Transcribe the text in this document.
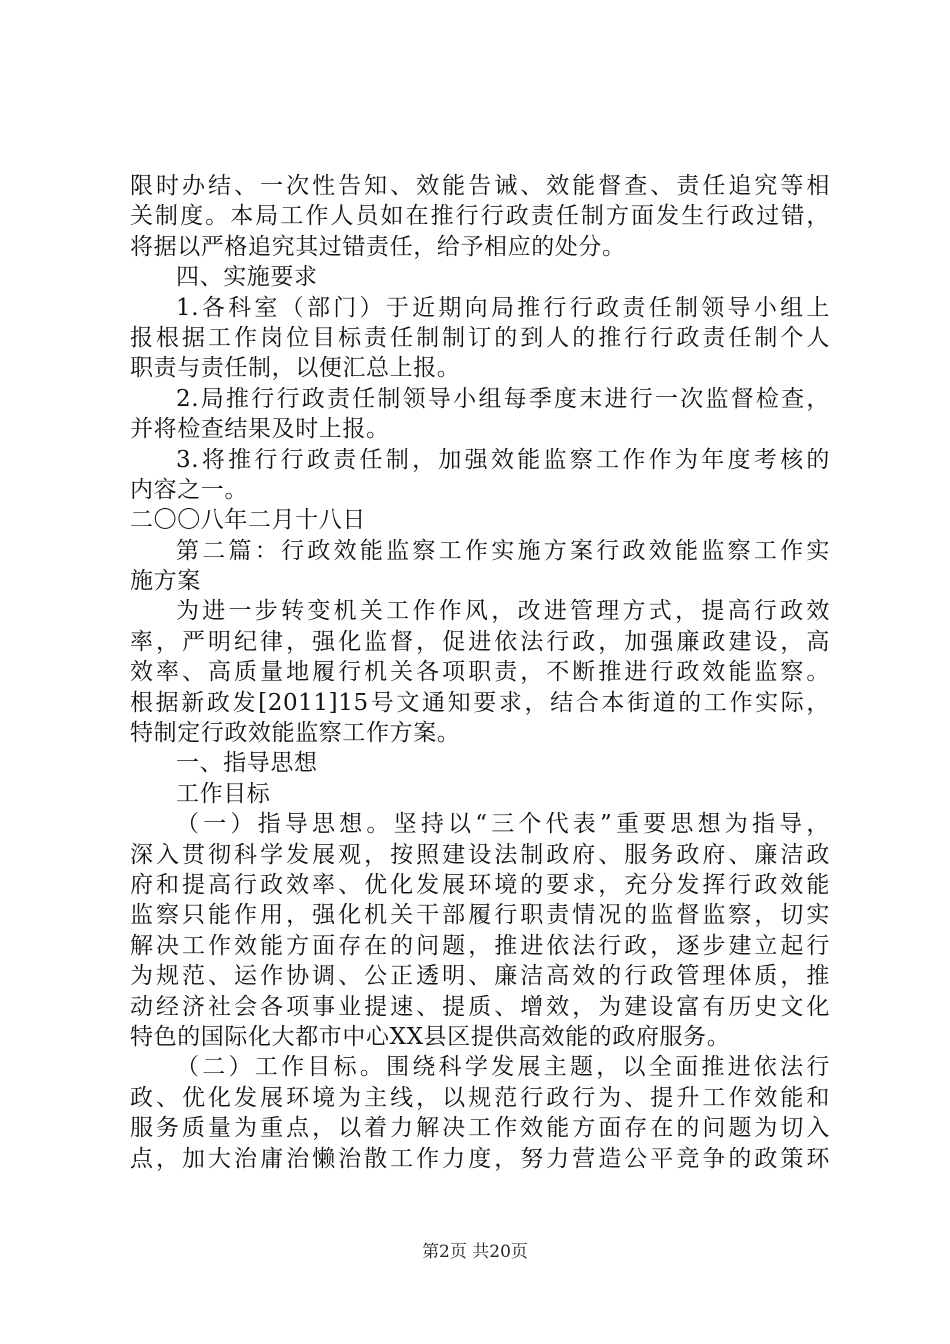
限时办结、一次性告知、效能告诫、效能督查、责任追究等相
关制度。本局工作人员如在推行行政责任制方面发生行政过错，
将据以严格追究其过错责任，给予相应的处分。
四、实施要求
1.各科室（部门）于近期向局推行行政责任制领导小组上
报根据工作岗位目标责任制制订的到人的推行行政责任制个人
职责与责任制，以便汇总上报。
2.局推行行政责任制领导小组每季度末进行一次监督检查，
并将检查结果及时上报。
3.将推行行政责任制，加强效能监察工作作为年度考核的
内容之一。
二〇〇八年二月十八日
第二篇：行政效能监察工作实施方案行政效能监察工作实
施方案
为进一步转变机关工作作风，改进管理方式，提高行政效
率，严明纪律，强化监督，促进依法行政，加强廉政建设，高
效率、高质量地履行机关各项职责，不断推进行政效能监察。
根据新政发[2011]15号文通知要求，结合本街道的工作实际，
特制定行政效能监察工作方案。
一、指导思想
工作目标
（一）指导思想。坚持以“三个代表”重要思想为指导，
深入贯彻科学发展观，按照建设法制政府、服务政府、廉洁政
府和提高行政效率、优化发展环境的要求，充分发挥行政效能
监察只能作用，强化机关干部履行职责情况的监督监察，切实
解决工作效能方面存在的问题，推进依法行政，逐步建立起行
为规范、运作协调、公正透明、廉洁高效的行政管理体质，推
动经济社会各项事业提速、提质、增效，为建设富有历史文化
特色的国际化大都市中心XX县区提供高效能的政府服务。
（二）工作目标。围绕科学发展主题，以全面推进依法行
政、优化发展环境为主线，以规范行政行为、提升工作效能和
服务质量为重点，以着力解决工作效能方面存在的问题为切入
点，加大治庸治懒治散工作力度，努力营造公平竞争的政策环
第2页 共20页
